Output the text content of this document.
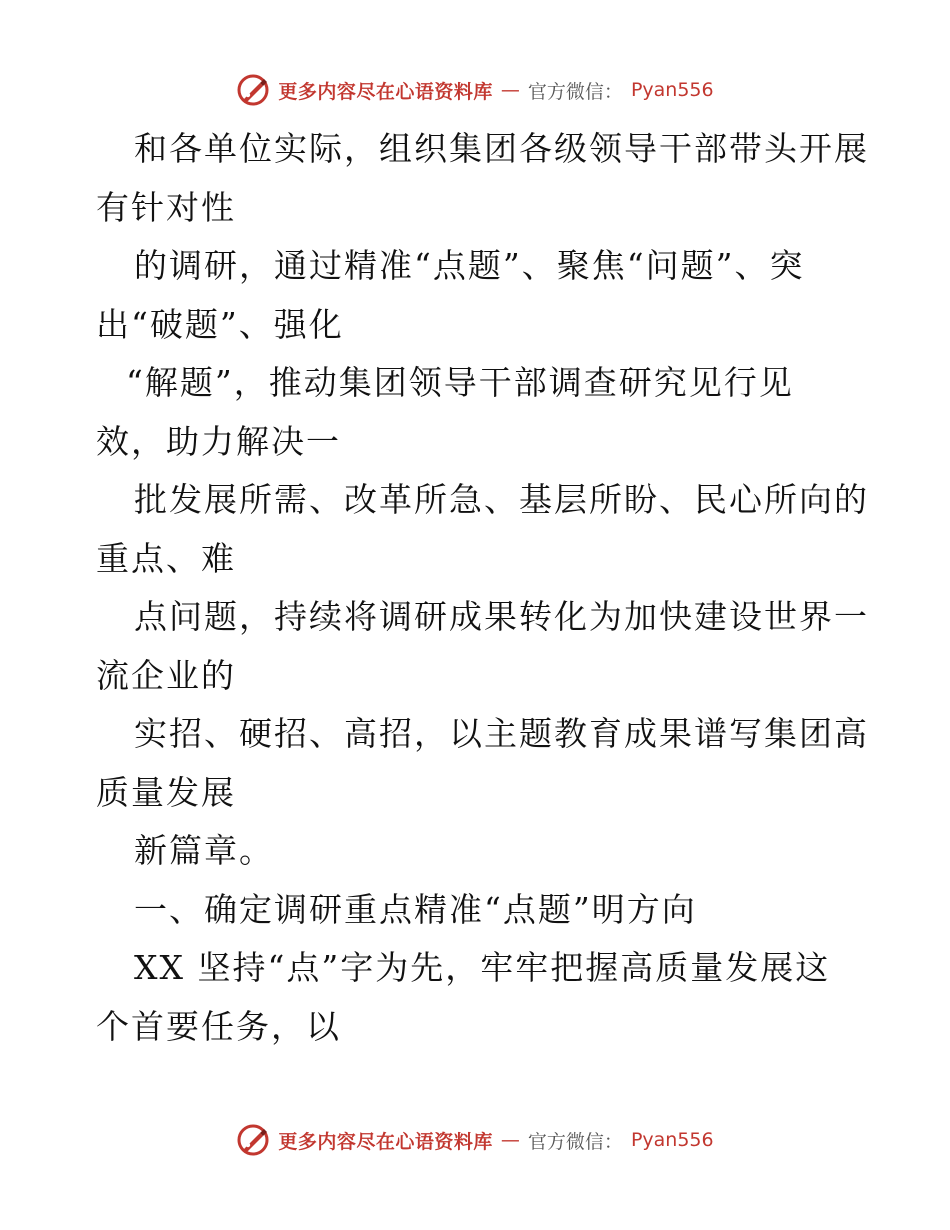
更多内容尽在心语资料库 — 官方微信： Pyan556
和各单位实际，组织集团各级领导干部带头开展
有针对性
的调研，通过精准“点题”、聚焦“问题”、突
出“破题”、强化
“解题”，推动集团领导干部调查研究见行见
效，助力解决一
批发展所需、改革所急、基层所盼、民心所向的
重点、难
点问题，持续将调研成果转化为加快建设世界一
流企业的
实招、硬招、高招，以主题教育成果谱写集团高
质量发展
新篇章。
一、确定调研重点精准“点题”明方向
XX 坚持“点”字为先，牢牢把握高质量发展这
个首要任务，以
更多内容尽在心语资料库 — 官方微信： Pyan556
